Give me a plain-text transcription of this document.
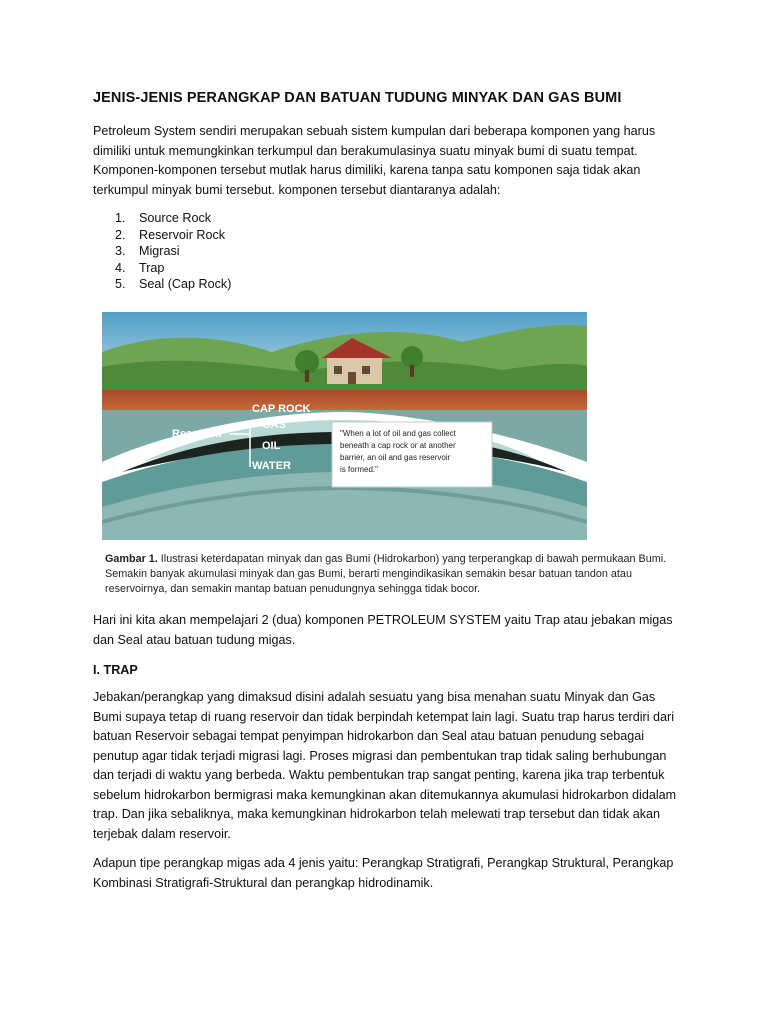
JENIS-JENIS PERANGKAP DAN BATUAN TUDUNG MINYAK DAN GAS BUMI

Petroleum System sendiri merupakan sebuah sistem kumpulan dari beberapa komponen yang harus dimiliki untuk memungkinkan terkumpul dan berakumulasinya suatu minyak bumi di suatu tempat. Komponen-komponen tersebut mutlak harus dimiliki, karena tanpa satu komponen saja tidak akan terkumpul minyak bumi tersebut. komponen tersebut diantaranya adalah:

1.	Source Rock
2.	Reservoir Rock
3.	Migrasi
4.	Trap
5.	Seal (Cap Rock)

Hari ini kita akan mempelajari 2 (dua) komponen PETROLEUM SYSTEM yaitu Trap atau jebakan migas dan Seal atau batuan tudung migas.

I. TRAP

Jebakan/perangkap yang dimaksud disini adalah sesuatu yang bisa menahan suatu Minyak dan Gas Bumi supaya tetap di ruang reservoir dan tidak berpindah ketempat lain lagi. Suatu trap harus terdiri dari batuan Reservoir sebagai tempat penyimpan hidrokarbon dan Seal atau batuan penudung sebagai penutup agar tidak terjadi migrasi lagi. Proses migrasi dan pembentukan trap tidak saling berhubungan dan terjadi di waktu yang berbeda. Waktu pembentukan trap sangat penting, karena jika trap terbentuk sebelum hidrokarbon bermigrasi maka kemungkinan akan ditemukannya akumulasi hidrokarbon didalam trap. Dan jika sebaliknya, maka kemungkinan hidrokarbon telah melewati trap tersebut dan tidak akan terjebak dalam reservoir.

Adapun tipe perangkap migas ada 4 jenis yaitu: Perangkap Stratigrafi, Perangkap Struktural, Perangkap Kombinasi Stratigrafi-Struktural dan perangkap hidrodinamik.

CAP ROCK
Reservoir
GAS
OIL
WATER
"When a lot of oil and gas collect beneath a cap rock or at another barrier, an oil and gas reservoir is formed."

Gambar 1. Ilustrasi keterdapatan minyak dan gas Bumi (Hidrokarbon) yang terperangkap di bawah permukaan Bumi. Semakin banyak akumulasi minyak dan gas Bumi, berarti mengindikasikan semakin besar batuan tandon atau reservoirnya, dan semakin mantap batuan penudungnya sehingga tidak bocor.
